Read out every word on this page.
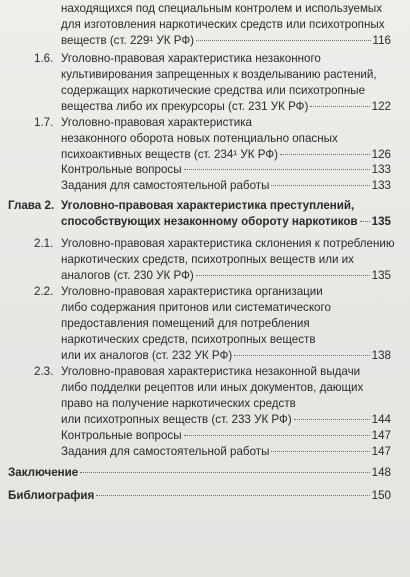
находящихся под специальным контролем и используемых
для изготовления наркотических средств или психотропных
веществ (ст. 229¹ УК РФ)	116
1.6. Уголовно-правовая характеристика незаконного
культивирования запрещенных к возделыванию растений,
содержащих наркотические средства или психотропные
вещества либо их прекурсоры (ст. 231 УК РФ)	122
1.7. Уголовно-правовая характеристика
незаконного оборота новых потенциально опасных
психоактивных веществ (ст. 234¹ УК РФ)	126
Контрольные вопросы	133
Задания для самостоятельной работы	133
Глава 2. Уголовно-правовая характеристика преступлений,
способствующих незаконному обороту наркотиков 135
2.1. Уголовно-правовая характеристика склонения к потреблению
наркотических средств, психотропных веществ или их
аналогов (ст. 230 УК РФ)	135
2.2. Уголовно-правовая характеристика организации
либо содержания притонов или систематического
предоставления помещений для потребления
наркотических средств, психотропных веществ
или их аналогов (ст. 232 УК РФ)	138
2.3. Уголовно-правовая характеристика незаконной выдачи
либо подделки рецептов или иных документов, дающих
право на получение наркотических средств
или психотропных веществ (ст. 233 УК РФ)	144
Контрольные вопросы	147
Задания для самостоятельной работы	147
Заключение	148
Библиография	150
